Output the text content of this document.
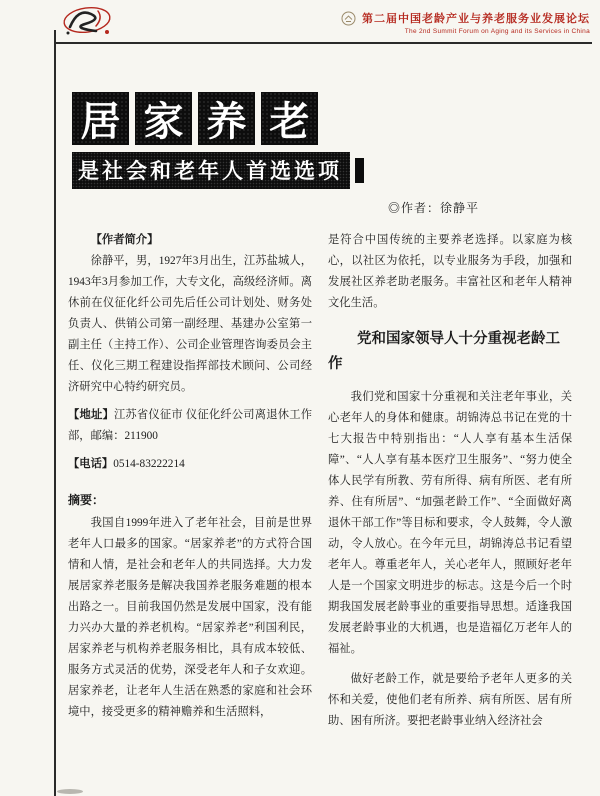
第二届中国老龄产业与养老服务业发展论坛
The 2nd Summit Forum on Aging and its Services in China
居 家 养 老
是社会和老年人首选选项
◎作者：徐静平

【作者简介】

徐静平，男，1927年3月出生，江苏盐城人，1943年3月参加工作，大专文化，高级经济师。离休前在仪征化纤公司先后任公司计划处、财务处负责人、供销公司第一副经理、基建办公室第一副主任（主持工作）、公司企业管理咨询委员会主任、仪化三期工程建设指挥部技术顾问、公司经济研究中心特约研究员。

【地址】江苏省仪征市 仪征化纤公司离退休工作部，邮编：211900

【电话】0514-83222214

摘要：

我国自1999年进入了老年社会，目前是世界老年人口最多的国家。“居家养老”的方式符合国情和人情，是社会和老年人的共同选择。大力发展居家养老服务是解决我国养老服务难题的根本出路之一。目前我国仍然是发展中国家，没有能力兴办大量的养老机构。“居家养老”利国利民，居家养老与机构养老服务相比，具有成本较低、服务方式灵活的优势，深受老年人和子女欢迎。居家养老，让老年人生活在熟悉的家庭和社会环境中，接受更多的精神赡养和生活照料，

是符合中国传统的主要养老选择。以家庭为核心，以社区为依托，以专业服务为手段，加强和发展社区养老助老服务。丰富社区和老年人精神文化生活。

党和国家领导人十分重视老龄工作

我们党和国家十分重视和关注老年事业，关心老年人的身体和健康。胡锦涛总书记在党的十七大报告中特别指出：“人人享有基本生活保障”、“人人享有基本医疗卫生服务”、“努力使全体人民学有所教、劳有所得、病有所医、老有所养、住有所居”、“加强老龄工作”、“全面做好离退休干部工作”等目标和要求，令人鼓舞，令人激动，令人放心。在今年元旦，胡锦涛总书记看望老年人。尊重老年人，关心老年人，照顾好老年人是一个国家文明进步的标志。这是今后一个时期我国发展老龄事业的重要指导思想。适逢我国发展老龄事业的大机遇，也是造福亿万老年人的福祉。

做好老龄工作，就是要给予老年人更多的关怀和关爱，使他们老有所养、病有所医、居有所助、困有所济。要把老龄事业纳入经济社会
